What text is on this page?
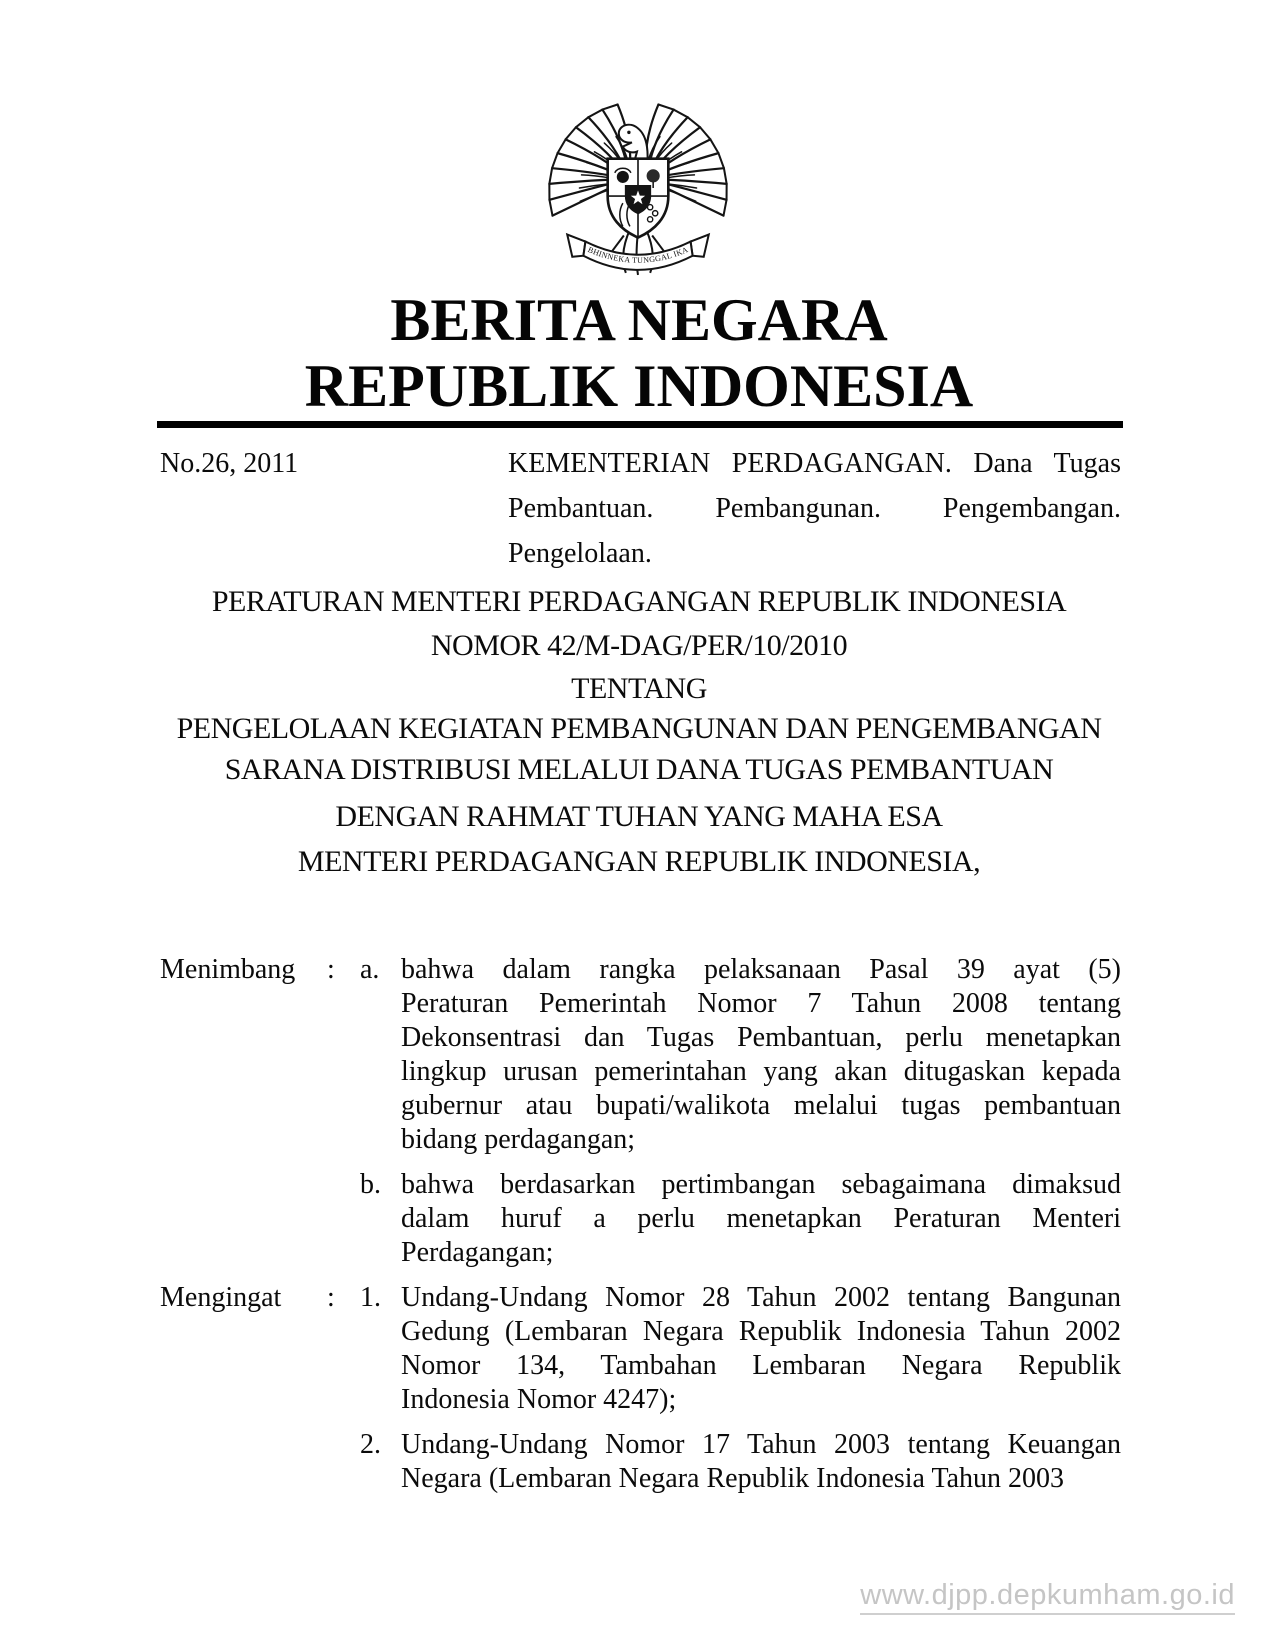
BHINNEKA TUNGGAL IKA
BERITA NEGARA
REPUBLIK INDONESIA
No.26, 2011	KEMENTERIAN PERDAGANGAN. Dana Tugas
Pembantuan. Pembangunan. Pengembangan.
Pengelolaan.
PERATURAN MENTERI PERDAGANGAN REPUBLIK INDONESIA
NOMOR 42/M-DAG/PER/10/2010
TENTANG
PENGELOLAAN KEGIATAN PEMBANGUNAN DAN PENGEMBANGAN
SARANA DISTRIBUSI MELALUI DANA TUGAS PEMBANTUAN
DENGAN RAHMAT TUHAN YANG MAHA ESA
MENTERI PERDAGANGAN REPUBLIK INDONESIA,
Menimbang : a. bahwa dalam rangka pelaksanaan Pasal 39 ayat (5)
Peraturan Pemerintah Nomor 7 Tahun 2008 tentang
Dekonsentrasi dan Tugas Pembantuan, perlu menetapkan
lingkup urusan pemerintahan yang akan ditugaskan kepada
gubernur atau bupati/walikota melalui tugas pembantuan
bidang perdagangan;
b. bahwa berdasarkan pertimbangan sebagaimana dimaksud
dalam huruf a perlu menetapkan Peraturan Menteri
Perdagangan;
Mengingat : 1. Undang-Undang Nomor 28 Tahun 2002 tentang Bangunan
Gedung (Lembaran Negara Republik Indonesia Tahun 2002
Nomor 134, Tambahan Lembaran Negara Republik
Indonesia Nomor 4247);
2. Undang-Undang Nomor 17 Tahun 2003 tentang Keuangan
Negara (Lembaran Negara Republik Indonesia Tahun 2003
www.djpp.depkumham.go.id
